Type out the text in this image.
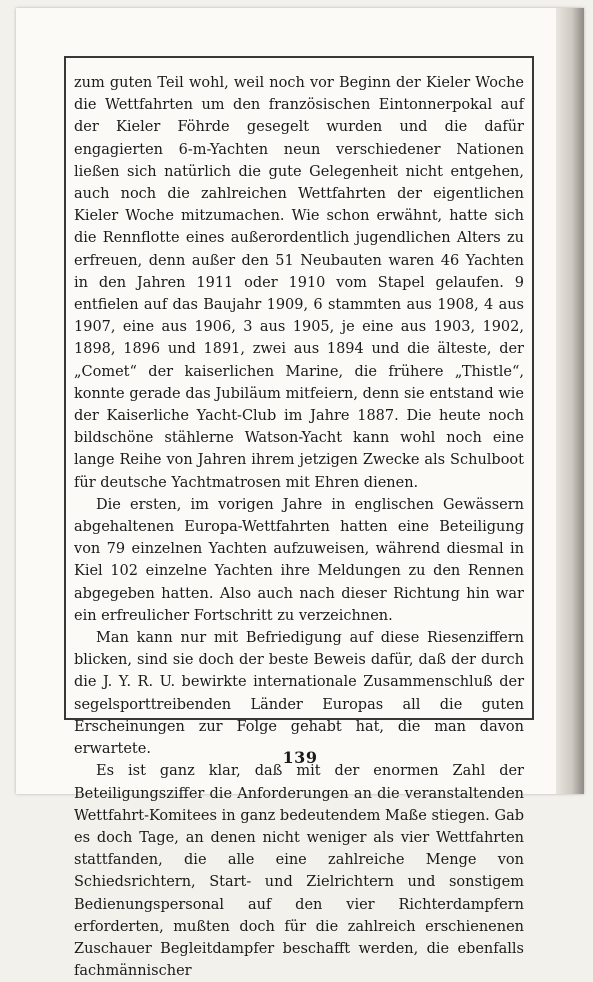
zum guten Teil wohl, weil noch vor Beginn der Kieler Woche die Wettfahrten um den französischen Eintonnerpokal auf der Kieler Föhrde gesegelt wurden und die dafür engagierten 6-m-Yachten neun verschiedener Nationen ließen sich natürlich die gute Gelegenheit nicht entgehen, auch noch die zahlreichen Wettfahrten der eigentlichen Kieler Woche mitzumachen. Wie schon erwähnt, hatte sich die Rennflotte eines außerordentlich jugendlichen Alters zu erfreuen, denn außer den 51 Neubauten waren 46 Yachten in den Jahren 1911 oder 1910 vom Stapel gelaufen. 9 entfielen auf das Baujahr 1909, 6 stammten aus 1908, 4 aus 1907, eine aus 1906, 3 aus 1905, je eine aus 1903, 1902, 1898, 1896 und 1891, zwei aus 1894 und die älteste, der „Comet“ der kaiserlichen Marine, die frühere „Thistle“, konnte gerade das Jubiläum mitfeiern, denn sie entstand wie der Kaiserliche Yacht-Club im Jahre 1887. Die heute noch bildschöne stählerne Watson-Yacht kann wohl noch eine lange Reihe von Jahren ihrem jetzigen Zwecke als Schulboot für deutsche Yachtmatrosen mit Ehren dienen.

Die ersten, im vorigen Jahre in englischen Gewässern abgehaltenen Europa-Wettfahrten hatten eine Beteiligung von 79 einzelnen Yachten aufzuweisen, während diesmal in Kiel 102 einzelne Yachten ihre Meldungen zu den Rennen abgegeben hatten. Also auch nach dieser Richtung hin war ein erfreulicher Fortschritt zu verzeichnen.

Man kann nur mit Befriedigung auf diese Riesenziffern blicken, sind sie doch der beste Beweis dafür, daß der durch die J. Y. R. U. bewirkte internationale Zusammenschluß der segelsporttreibenden Länder Europas all die guten Erscheinungen zur Folge gehabt hat, die man davon erwartete.

Es ist ganz klar, daß mit der enormen Zahl der Beteiligungsziffer die Anforderungen an die veranstaltenden Wettfahrt-Komitees in ganz bedeutendem Maße stiegen. Gab es doch Tage, an denen nicht weniger als vier Wettfahrten stattfanden, die alle eine zahlreiche Menge von Schiedsrichtern, Start- und Zielrichtern und sonstigem Bedienungspersonal auf den vier Richterdampfern erforderten, mußten doch für die zahlreich erschienenen Zuschauer Begleitdampfer beschafft werden, die ebenfalls fachmännischer

139
